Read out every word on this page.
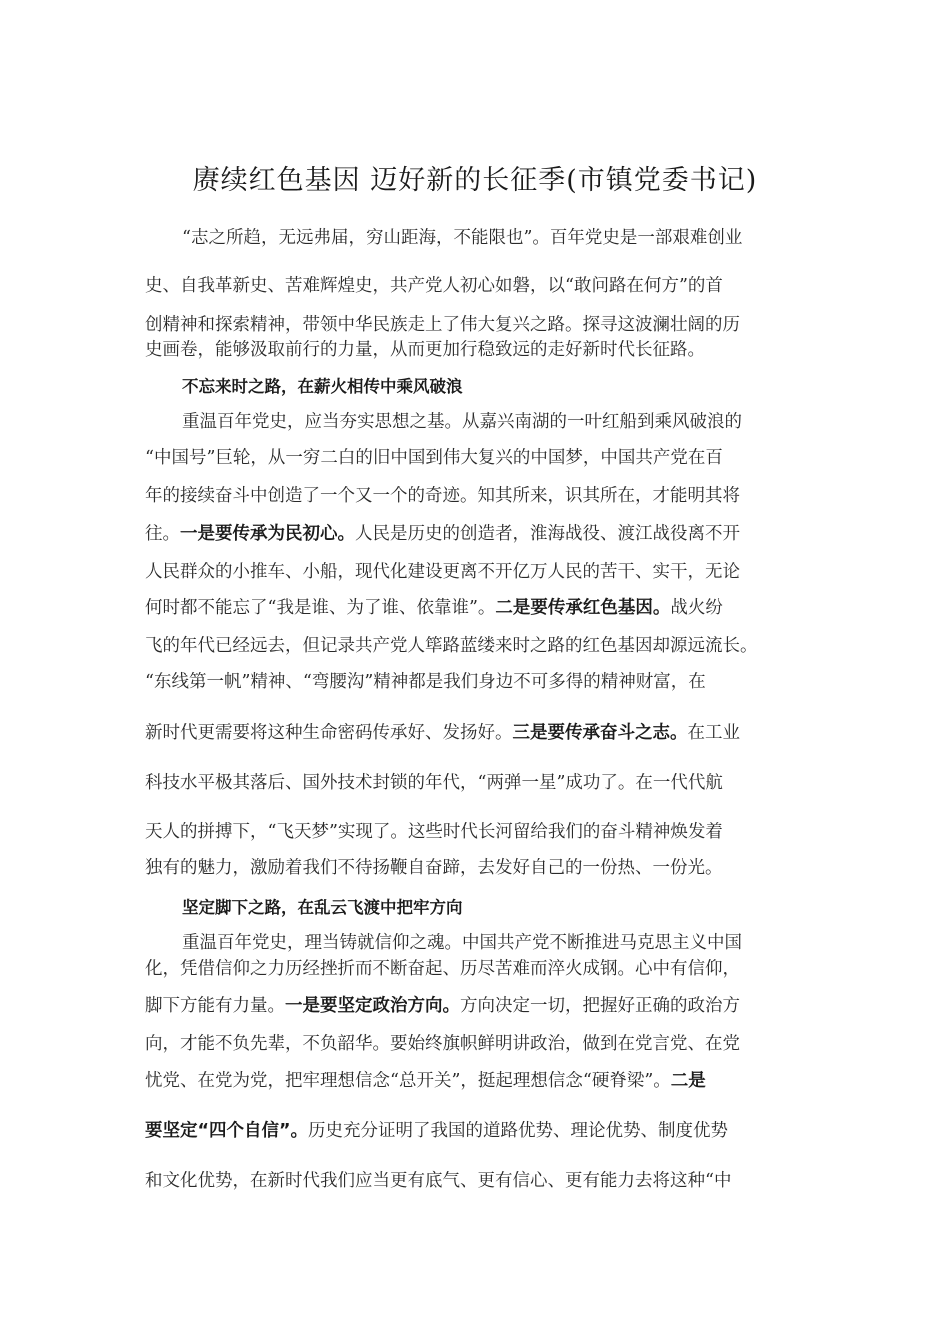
赓续红色基因 迈好新的长征季(市镇党委书记)
“志之所趋，无远弗届，穷山距海，不能限也”。百年党史是一部艰难创业
史、自我革新史、苦难辉煌史，共产党人初心如磐，以“敢问路在何方”的首
创精神和探索精神，带领中华民族走上了伟大复兴之路。探寻这波澜壮阔的历
史画卷，能够汲取前行的力量，从而更加行稳致远的走好新时代长征路。
不忘来时之路，在薪火相传中乘风破浪
重温百年党史，应当夯实思想之基。从嘉兴南湖的一叶红船到乘风破浪的
“中国号”巨轮，从一穷二白的旧中国到伟大复兴的中国梦，中国共产党在百
年的接续奋斗中创造了一个又一个的奇迹。知其所来，识其所在，才能明其将
往。一是要传承为民初心。人民是历史的创造者，淮海战役、渡江战役离不开
人民群众的小推车、小船，现代化建设更离不开亿万人民的苦干、实干，无论
何时都不能忘了“我是谁、为了谁、依靠谁”。二是要传承红色基因。战火纷
飞的年代已经远去，但记录共产党人筚路蓝缕来时之路的红色基因却源远流长。
“东线第一帆”精神、“弯腰沟”精神都是我们身边不可多得的精神财富，在
新时代更需要将这种生命密码传承好、发扬好。三是要传承奋斗之志。在工业
科技水平极其落后、国外技术封锁的年代，“两弹一星”成功了。在一代代航
天人的拼搏下，“飞天梦”实现了。这些时代长河留给我们的奋斗精神焕发着
独有的魅力，激励着我们不待扬鞭自奋蹄，去发好自己的一份热、一份光。
坚定脚下之路，在乱云飞渡中把牢方向
重温百年党史，理当铸就信仰之魂。中国共产党不断推进马克思主义中国
化，凭借信仰之力历经挫折而不断奋起、历尽苦难而淬火成钢。心中有信仰，
脚下方能有力量。一是要坚定政治方向。方向决定一切，把握好正确的政治方
向，才能不负先辈，不负韶华。要始终旗帜鲜明讲政治，做到在党言党、在党
忧党、在党为党，把牢理想信念“总开关”，挺起理想信念“硬脊梁”。二是
要坚定“四个自信”。历史充分证明了我国的道路优势、理论优势、制度优势
和文化优势，在新时代我们应当更有底气、更有信心、更有能力去将这种“中
